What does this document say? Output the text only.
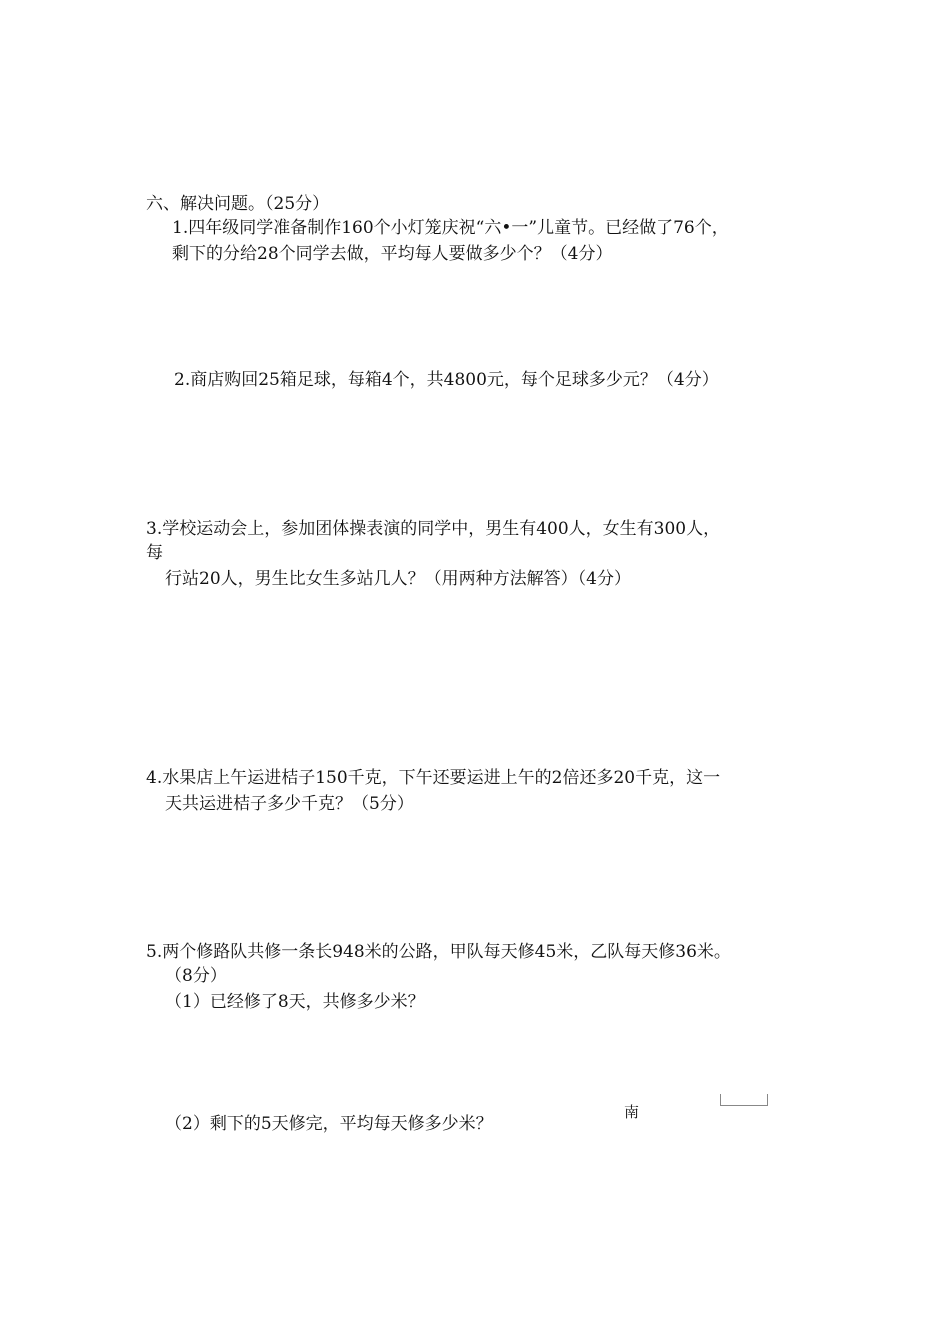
六、解决问题。（25分）
1.四年级同学准备制作160个小灯笼庆祝“六•一”儿童节。已经做了76个，
剩下的分给28个同学去做，平均每人要做多少个？（4分）
2.商店购回25箱足球，每箱4个，共4800元，每个足球多少元？（4分）
3.学校运动会上，参加团体操表演的同学中，男生有400人，女生有300人，
每
行站20人，男生比女生多站几人？（用两种方法解答）（4分）
4.水果店上午运进桔子150千克，下午还要运进上午的2倍还多20千克，这一
天共运进桔子多少千克？（5分）
5.两个修路队共修一条长948米的公路，甲队每天修45米，乙队每天修36米。
（8分）
（1）已经修了8天，共修多少米？
（2）剩下的5天修完，平均每天修多少米？
南
